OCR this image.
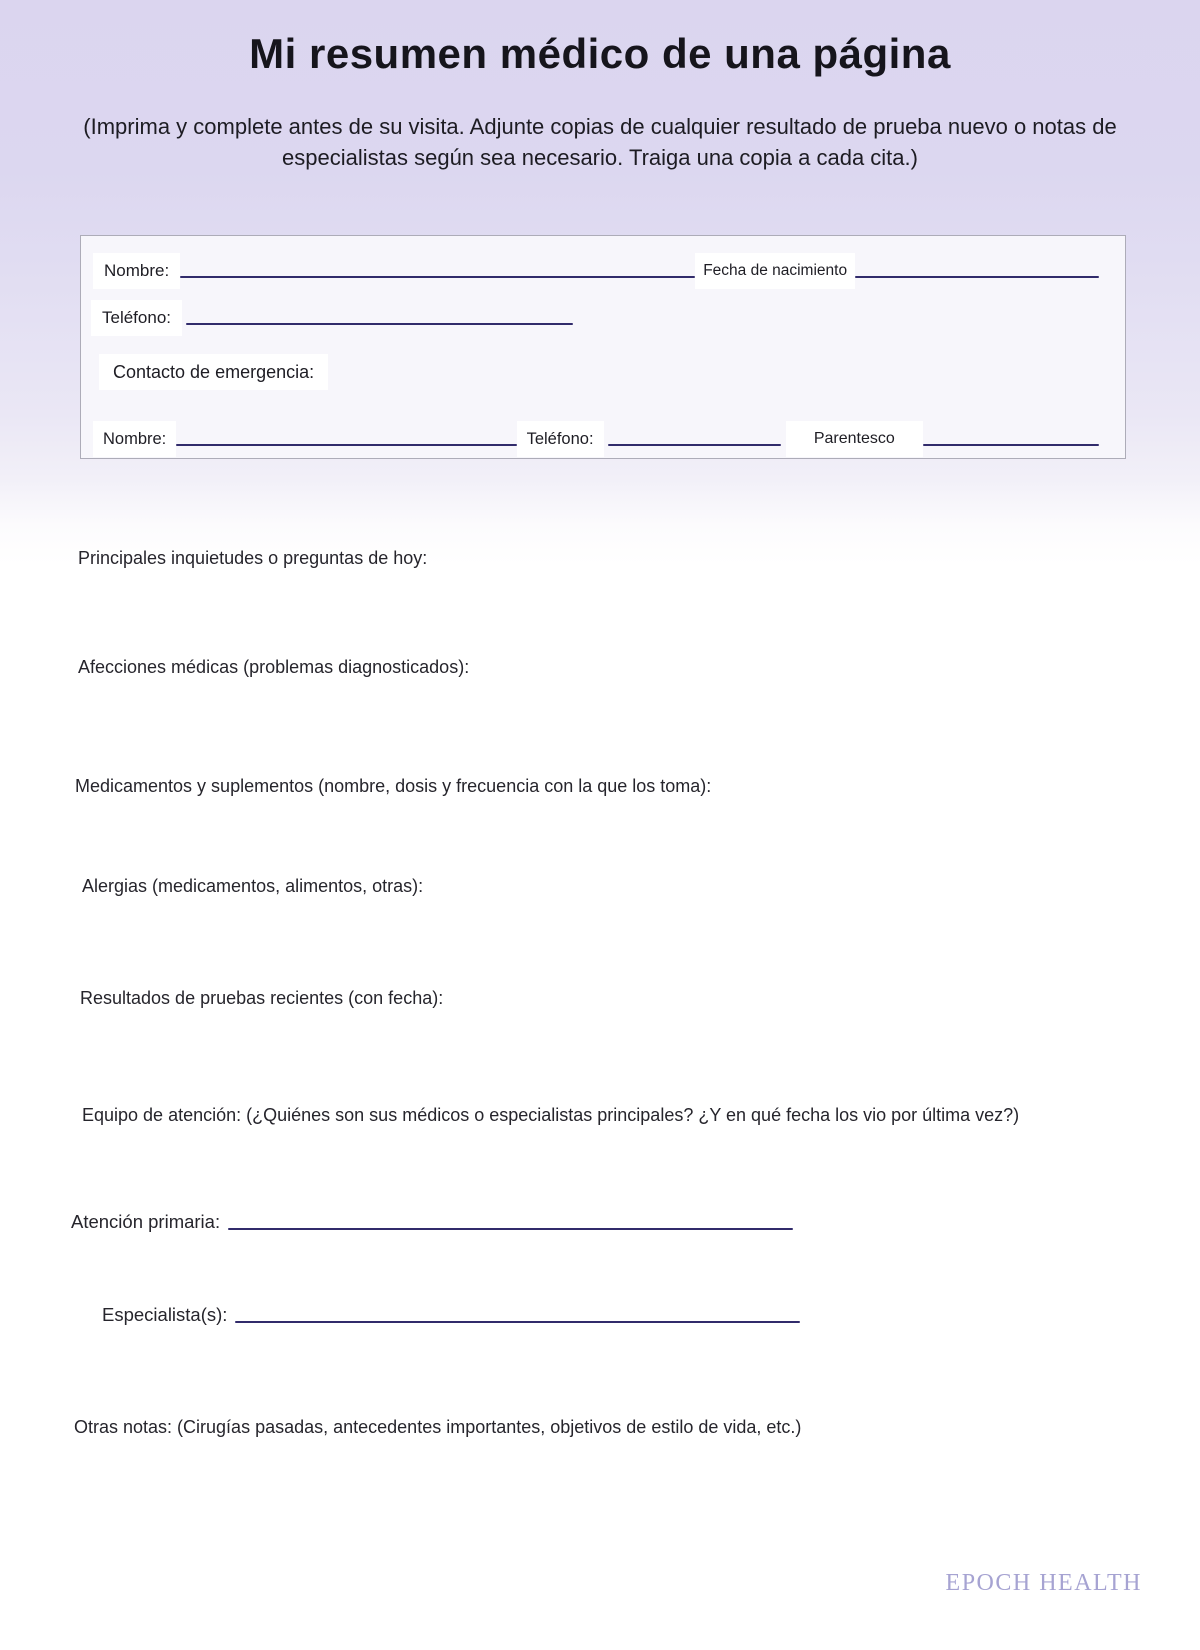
Mi resumen médico de una página

(Imprima y complete antes de su visita. Adjunte copias de cualquier resultado de prueba nuevo o notas de especialistas según sea necesario. Traiga una copia a cada cita.)

Nombre:	Fecha de nacimiento
Teléfono:
Contacto de emergencia:
Nombre:	Teléfono:	Parentesco
Principales inquietudes o preguntas de hoy:
Afecciones médicas (problemas diagnosticados):
Medicamentos y suplementos (nombre, dosis y frecuencia con la que los toma):
Alergias (medicamentos, alimentos, otras):
Resultados de pruebas recientes (con fecha):
Equipo de atención: (¿Quiénes son sus médicos o especialistas principales? ¿Y en qué fecha los vio por última vez?)
Atención primaria:
Especialista(s):
Otras notas: (Cirugías pasadas, antecedentes importantes, objetivos de estilo de vida, etc.)
EPOCH HEALTH
